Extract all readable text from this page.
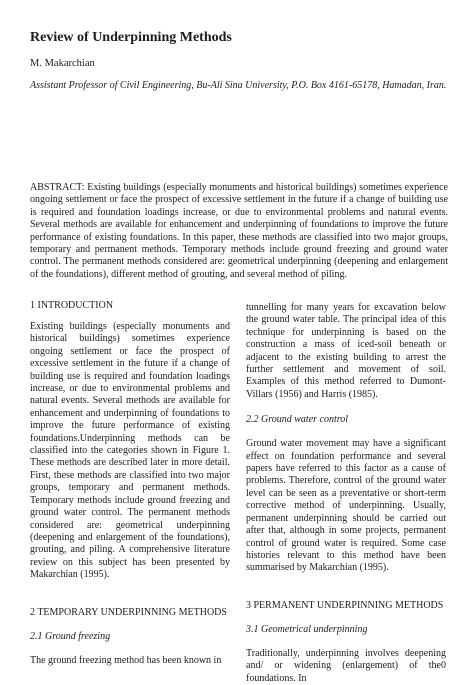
Review of Underpinning Methods
M. Makarchian
Assistant Professor of Civil Engineering, Bu-Ali Sina University, P.O. Box 4161-65178, Hamadan, Iran.

ABSTRACT: Existing buildings (especially monuments and historical buildings) sometimes experience ongoing settlement or face the prospect of excessive settlement in the future if a change of building use is required and foundation loadings increase, or due to environmental problems and natural events. Several methods are available for enhancement and underpinning of foundations to improve the future performance of existing foundations. In this paper, these methods are classified into two major groups, temporary and permanent methods. Temporary methods include ground freezing and ground water control. The permanent methods considered are: geometrical underpinning (deepening and enlargement of the foundations), different method of grouting, and several method of piling.

1 INTRODUCTION

Existing buildings (especially monuments and historical buildings) sometimes experience ongoing settlement or face the prospect of excessive settlement in the future if a change of building use is required and foundation loadings increase, or due to environmental problems and natural events. Several methods are available for enhancement and underpinning of foundations to improve the future performance of existing foundations.Underpinning methods can be classified into the categories shown in Figure 1. These methods are described later in more detail. First, these methods are classified into two major groups, temporary and permanent methods. Temporary methods include ground freezing and ground water control. The permanent methods considered are: geometrical underpinning (deepening and enlargement of the foundations), grouting, and piling. A comprehensive literature review on this subject has been presented by Makarchian (1995).

2 TEMPORARY UNDERPINNING METHODS
2.1 Ground freezing

The ground freezing method has been known in

tunnelling for many years for excavation below the ground water table. The principal idea of this technique for underpinning is based on the construction a mass of iced-soil beneath or adjacent to the existing building to arrest the further settlement and movement of soil. Examples of this method referred to Dumont-Villars (1956) and Harris (1985).

2.2 Ground water control

Ground water movement may have a significant effect on foundation performance and several papers have referred to this factor as a cause of problems. Therefore, control of the ground water level can be seen as a preventative or short-term corrective method of underpinning. Usually, permanent underpinning should be carried out after that, although in some projects, permanent control of ground water is required. Some case histories relevant to this method have been summarised by Makarchian (1995).

3 PERMANENT UNDERPINNING METHODS
3.1 Geometrical underpinning

Traditionally, underpinning involves deepening and/ or widening (enlargement) of the0 foundations. In
